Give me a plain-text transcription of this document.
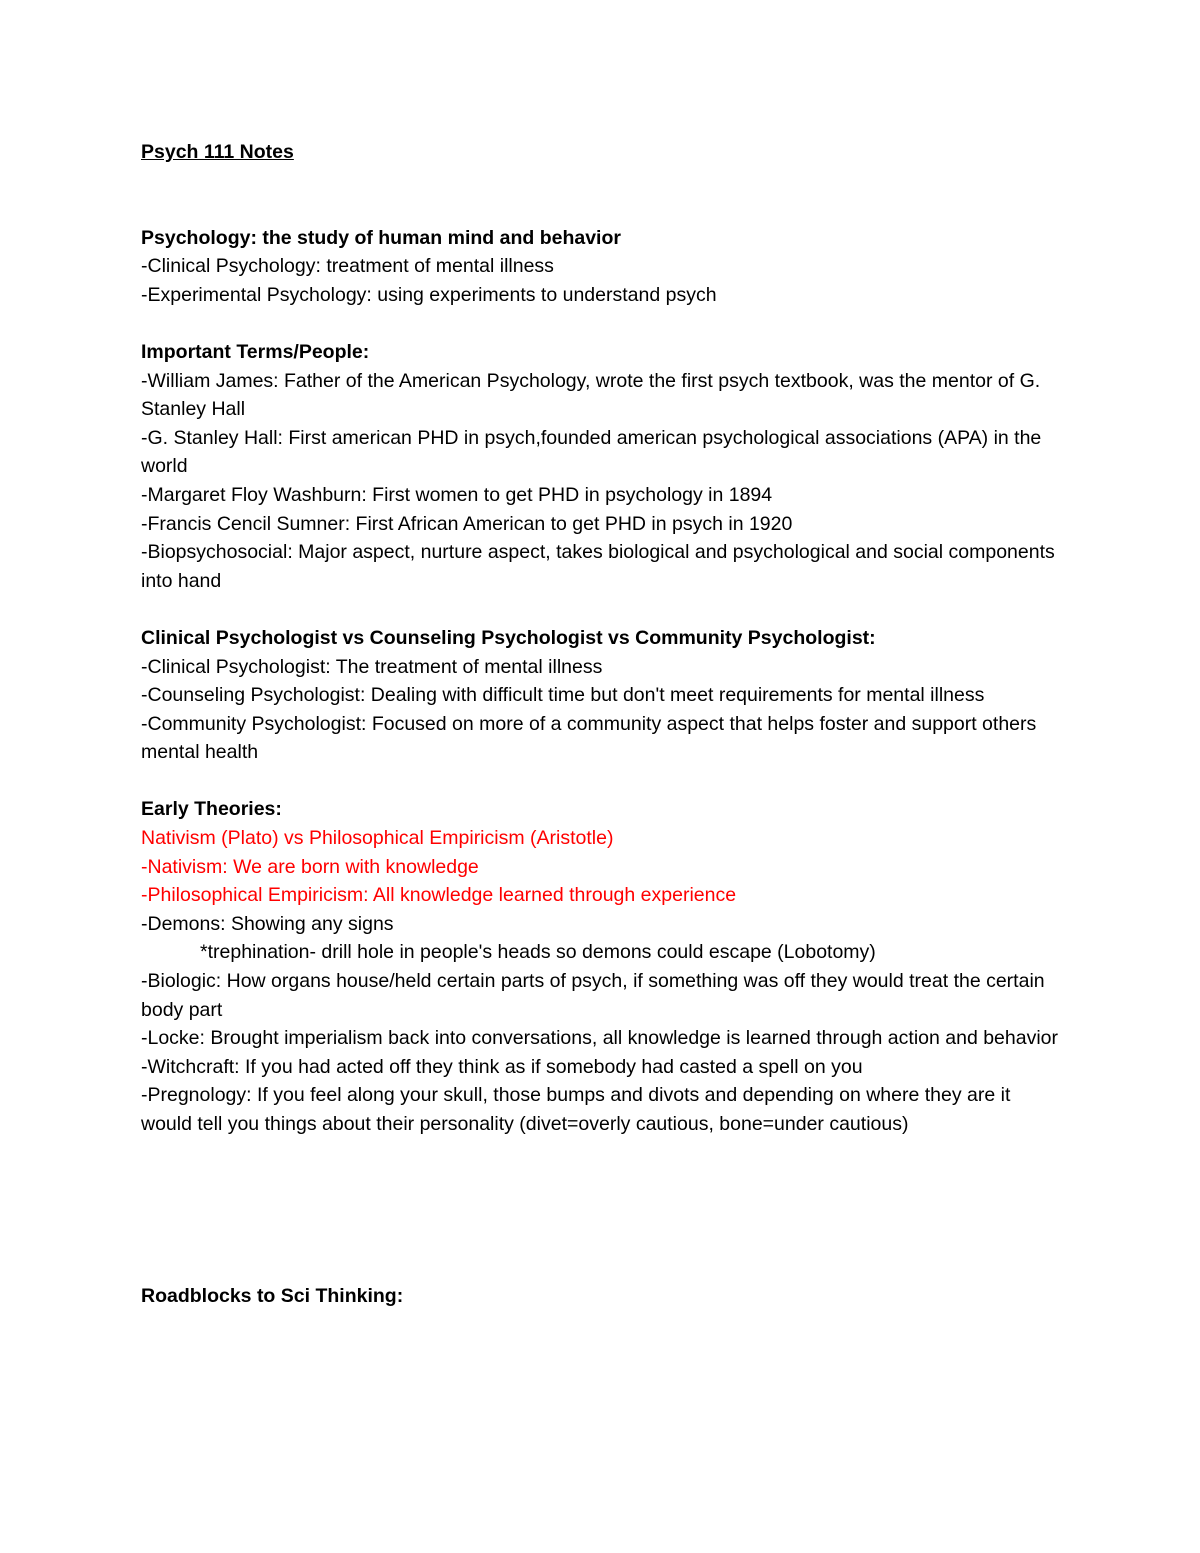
Psych 111 Notes
Psychology: the study of human mind and behavior
-Clinical Psychology: treatment of mental illness
-Experimental Psychology: using experiments to understand psych
Important Terms/People:
-William James: Father of the American Psychology, wrote the first psych textbook, was the mentor of G. Stanley Hall
-G. Stanley Hall: First american PHD in psych,founded american psychological associations (APA) in the world
-Margaret Floy Washburn: First women to get PHD in psychology in 1894
-Francis Cencil Sumner: First African American to get PHD in psych in 1920
-Biopsychosocial: Major aspect, nurture aspect, takes biological and psychological and social components into hand
Clinical Psychologist vs Counseling Psychologist vs Community Psychologist:
-Clinical Psychologist: The treatment of mental illness
-Counseling Psychologist: Dealing with difficult time but don't meet requirements for mental illness
-Community Psychologist: Focused on more of a community aspect that helps foster and support others mental health
Early Theories:
Nativism (Plato) vs Philosophical Empiricism (Aristotle)
-Nativism: We are born with knowledge
-Philosophical Empiricism: All knowledge learned through experience
-Demons: Showing any signs
*trephination- drill hole in people's heads so demons could escape (Lobotomy)
-Biologic: How organs house/held certain parts of psych, if something was off they would treat the certain body part
-Locke: Brought imperialism back into conversations, all knowledge is learned through action and behavior
-Witchcraft: If you had acted off they think as if somebody had casted a spell on you
-Pregnology: If you feel along your skull, those bumps and divots and depending on where they are it would tell you things about their personality (divet=overly cautious, bone=under cautious)
Roadblocks to Sci Thinking:
